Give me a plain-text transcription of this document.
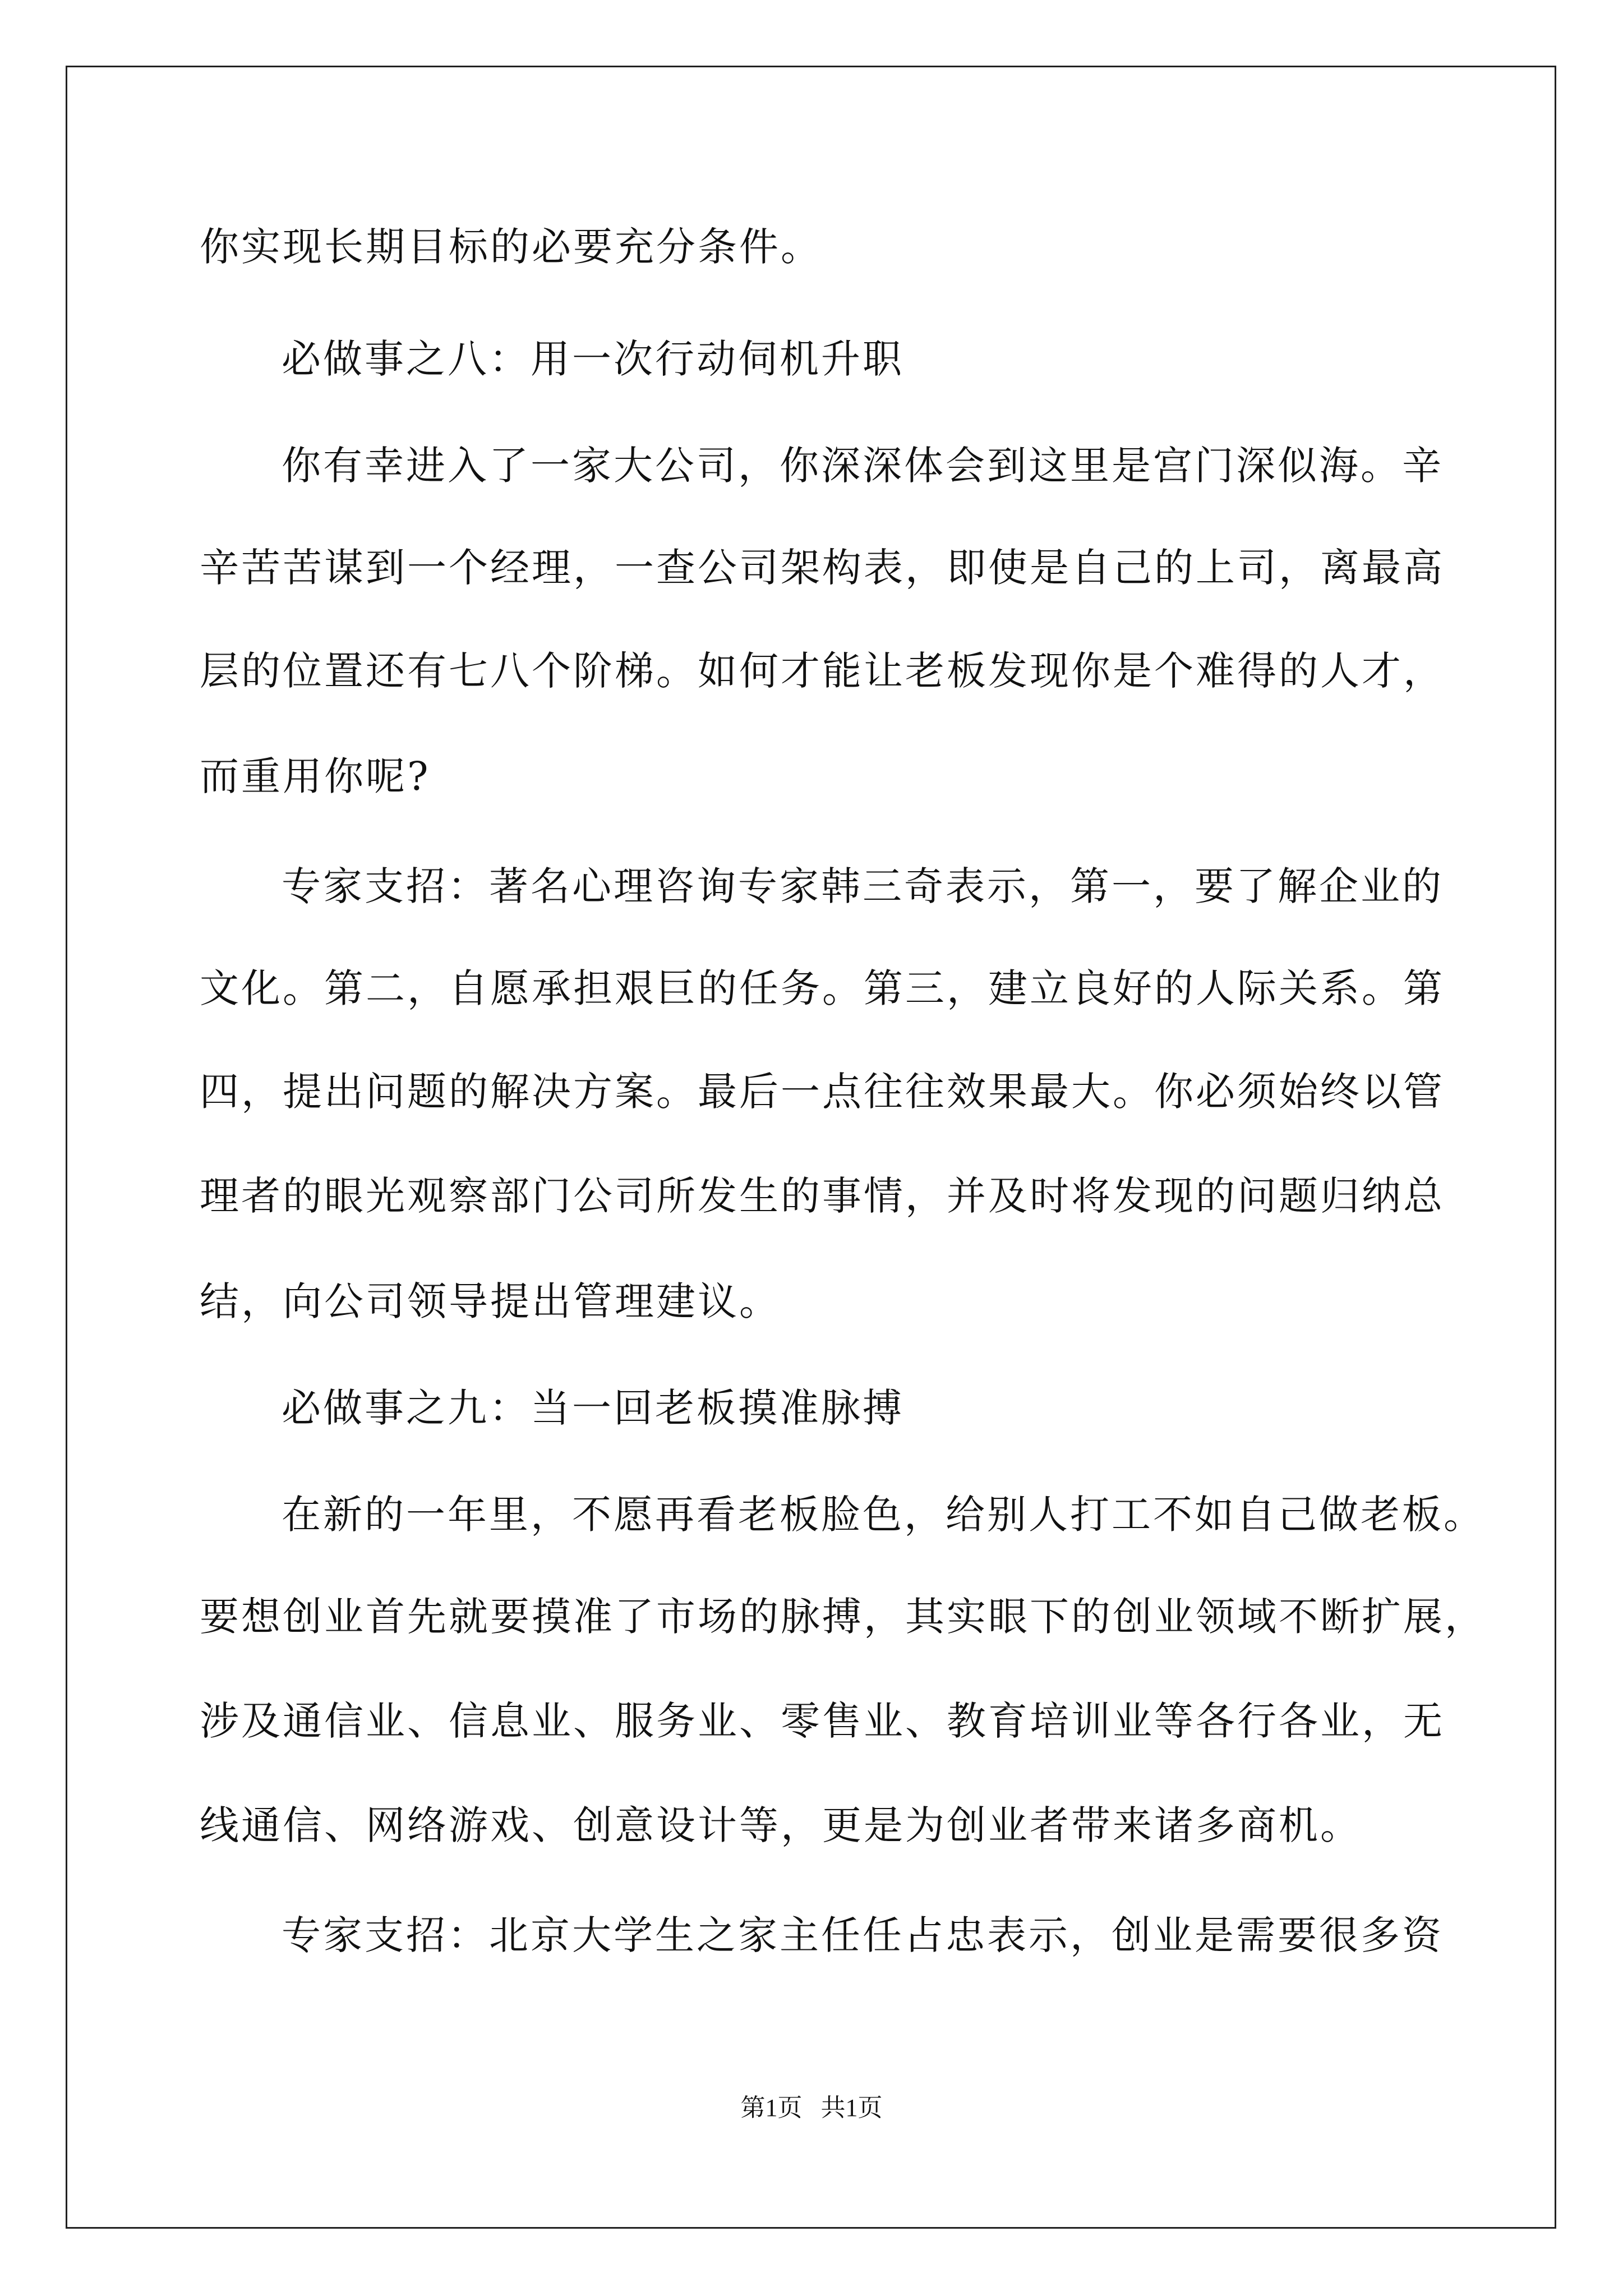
你实现长期目标的必要充分条件。

必做事之八：用一次行动伺机升职

你有幸进入了一家大公司，你深深体会到这里是宫门深似海。辛

辛苦苦谋到一个经理，一查公司架构表，即使是自己的上司，离最高

层的位置还有七八个阶梯。如何才能让老板发现你是个难得的人才，

而重用你呢?

专家支招：著名心理咨询专家韩三奇表示，第一，要了解企业的

文化。第二，自愿承担艰巨的任务。第三，建立良好的人际关系。第

四，提出问题的解决方案。最后一点往往效果最大。你必须始终以管

理者的眼光观察部门公司所发生的事情，并及时将发现的问题归纳总

结，向公司领导提出管理建议。

必做事之九：当一回老板摸准脉搏

在新的一年里，不愿再看老板脸色，给别人打工不如自己做老板。

要想创业首先就要摸准了市场的脉搏，其实眼下的创业领域不断扩展，

涉及通信业、信息业、服务业、零售业、教育培训业等各行各业，无

线通信、网络游戏、创意设计等，更是为创业者带来诸多商机。

专家支招：北京大学生之家主任任占忠表示，创业是需要很多资

第1页   共1页
